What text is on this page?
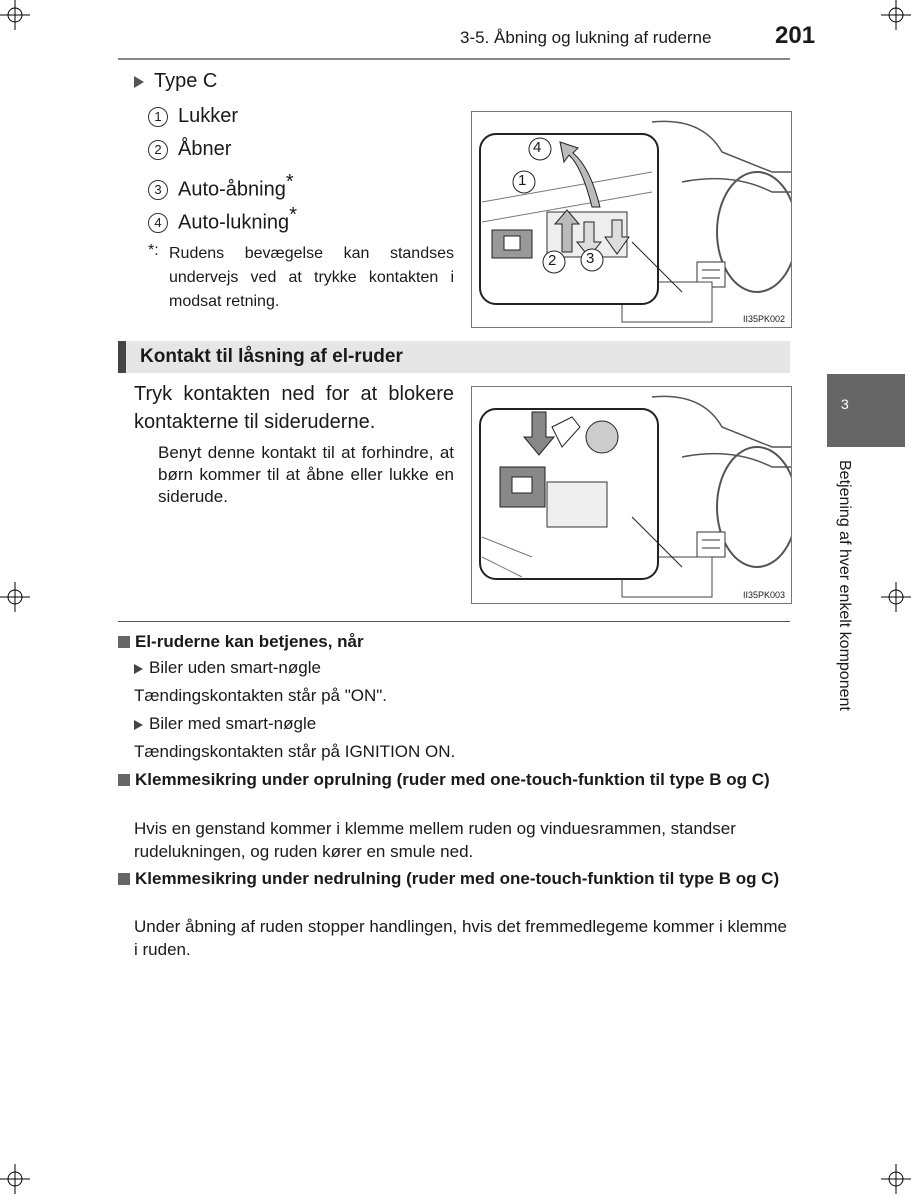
3-5. Åbning og lukning af ruderne	201
Type C
1 Lukker
2 Åbner
3 Auto-åbning*
4 Auto-lukning*
*: Rudens bevægelse kan standses undervejs ved at trykke kontakten i modsat retning.
4
1
2 3
II35PK002
Kontakt til låsning af el-ruder
Tryk kontakten ned for at blokere kontakterne til sideruderne.
Benyt denne kontakt til at forhindre, at børn kommer til at åbne eller lukke en siderude.
II35PK003
El-ruderne kan betjenes, når
Biler uden smart-nøgle
Tændingskontakten står på "ON".
Biler med smart-nøgle
Tændingskontakten står på IGNITION ON.
Klemmesikring under oprulning (ruder med one-touch-funktion til type B og C)
Hvis en genstand kommer i klemme mellem ruden og vinduesrammen, standser rudelukningen, og ruden kører en smule ned.
Klemmesikring under nedrulning (ruder med one-touch-funktion til type B og C)
Under åbning af ruden stopper handlingen, hvis det fremmedlegeme kommer i klemme i ruden.
3
Betjening af hver enkelt komponent
